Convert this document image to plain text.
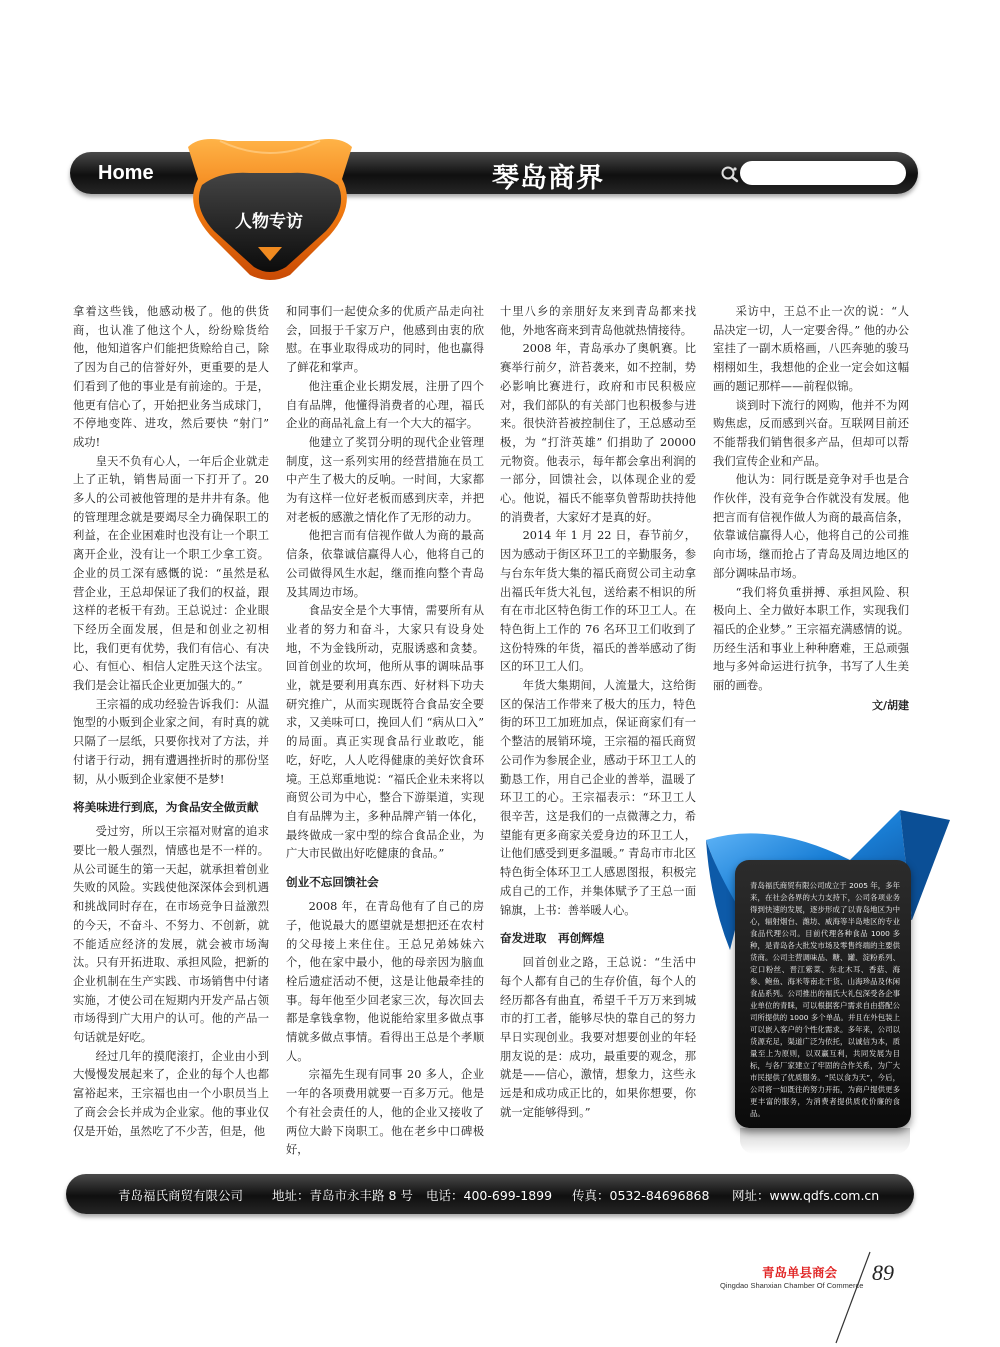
Home	琴岛商界
人物专访

拿着这些钱，他感动极了。他的供货商，也认准了他这个人，纷纷赊货给他，他知道客户们能把货赊给自己，除了因为自己的信誉好外，更重要的是人们看到了他的事业是有前途的。于是，他更有信心了，开始把业务当成球门，不停地变阵、进攻，然后要快 “射门” 成功!

皇天不负有心人，一年后企业就走上了正轨，销售局面一下打开了。20 多人的公司被他管理的是井井有条。他的管理理念就是要竭尽全力确保职工的利益，在企业困难时也没有让一个职工离开企业，没有让一个职工少拿工资。企业的员工深有感慨的说：“虽然是私营企业，王总却保证了我们的权益，跟这样的老板干有劲。王总说过：企业眼下经历全面发展，但是和创业之初相比，我们更有优势，我们有信心、有决心、有恒心、相信人定胜天这个法宝。我们是会让福氏企业更加强大的。”

王宗福的成功经验告诉我们：从温饱型的小贩到企业家之间，有时真的就只隔了一层纸，只要你找对了方法，并付诸于行动，拥有遭遇挫折时的那份坚韧，从小贩到企业家便不是梦!

将美味进行到底，为食品安全做贡献

受过穷，所以王宗福对财富的追求要比一般人强烈，情感也是不一样的。从公司诞生的第一天起，就承担着创业失败的风险。实践使他深深体会到机遇和挑战同时存在，在市场竞争日益激烈的今天，不奋斗、不努力、不创新，就不能适应经济的发展，就会被市场淘汰。只有开拓进取、承担风险，把新的企业机制在生产实践、市场销售中付诸实施，才使公司在短期内开发产品占领市场得到广大用户的认可。他的产品一句话就是好吃。

经过几年的摸爬滚打，企业由小到大慢慢发展起来了，企业的每个人也都富裕起来，王宗福也由一个小职员当上了商会会长并成为企业家。他的事业仅仅是开始，虽然吃了不少苦，但是，他

和同事们一起使众多的优质产品走向社会，回报于千家万户，他感到由衷的欣慰。在事业取得成功的同时，他也赢得了鲜花和掌声。

他注重企业长期发展，注册了四个自有品牌，他懂得消费者的心理，福氏企业的商品礼盒上有一个大大的福字。

他建立了奖罚分明的现代企业管理制度，这一系列实用的经营措施在员工中产生了极大的反响。一时间，大家都为有这样一位好老板而感到庆幸，并把对老板的感激之情化作了无形的动力。

他把言而有信视作做人为商的最高信条，依靠诚信赢得人心，他将自己的公司做得风生水起，继而推向整个青岛及其周边市场。

食品安全是个大事情，需要所有从业者的努力和奋斗，大家只有设身处地，不为金钱所动，克服诱惑和贪婪。回首创业的坎坷，他所从事的调味品事业，就是要利用真东西、好材料下功夫研究推广，从而实现既符合食品安全要求，又美味可口，挽回人们 “病从口入” 的局面。真正实现食品行业敢吃，能吃，好吃，人人吃得健康的美好饮食环境。王总郑重地说：“福氏企业未来将以商贸公司为中心，整合下游渠道，实现自有品牌为主，多种品牌产销一体化，最终做成一家中型的综合食品企业，为广大市民做出好吃健康的食品。”

创业不忘回馈社会

2008 年，在青岛他有了自己的房子，他说最大的愿望就是想把还在农村的父母接上来住住。王总兄弟姊妹六个，他在家中最小，他的母亲因为脑血栓后遗症活动不便，这是让他最牵挂的事。每年他至少回老家三次，每次回去都是拿钱拿物，他说能给家里多做点事情就多做点事情。看得出王总是个孝顺人。

宗福先生现有同事 20 多人，企业一年的各项费用就要一百多万元。他是个有社会责任的人，他的企业又接收了两位大龄下岗职工。他在老乡中口碑极好，

十里八乡的亲朋好友来到青岛都来找他，外地客商来到青岛他就热情接待。

2008 年，青岛承办了奥帆赛。比赛举行前夕，浒苔袭来，如不控制，势必影响比赛进行，政府和市民积极应对，我们部队的有关部门也积极参与进来。很快浒苔被控制住了，王总感动至极，为 “打浒英雄” 们捐助了 20000 元物资。他表示，每年都会拿出利润的一部分，回馈社会，以体现企业的爱心。他说，福氏不能辜负曾帮助扶持他的消费者，大家好才是真的好。

2014 年 1 月 22 日，春节前夕，因为感动于街区环卫工的辛勤服务，参与台东年货大集的福氏商贸公司主动拿出福氏年货大礼包，送给素不相识的所有在市北区特色街工作的环卫工人。在特色街上工作的 76 名环卫工们收到了这份特殊的年货，福氏的善举感动了街区的环卫工人们。

年货大集期间，人流量大，这给街区的保洁工作带来了极大的压力，特色街的环卫工加班加点，保证商家们有一个整洁的展销环境，王宗福的福氏商贸公司作为参展企业，感动于环卫工人的勤恳工作，用自己企业的善举，温暖了环卫工的心。王宗福表示：“环卫工人很辛苦，这是我们的一点微薄之力，希望能有更多商家关爱身边的环卫工人，让他们感受到更多温暖。” 青岛市市北区特色街全体环卫工人感恩图报，积极完成自己的工作，并集体赋予了王总一面锦旗，上书：善举暖人心。

奋发进取　再创辉煌

回首创业之路，王总说：“生活中每个人都有自己的生存价值，每个人的经历都各有曲直，希望千千万万来到城市的打工者，能够尽快的靠自己的努力早日实现创业。我要对想要创业的年轻朋友说的是：成功，最重要的观念，那就是——信心，激情，想象力，这些永远是和成功成正比的，如果你想要，你就一定能够得到。”

采访中，王总不止一次的说：“人品决定一切，人一定要舍得。” 他的办公室挂了一副木质格画，八匹奔驰的骏马栩栩如生，我想他的企业一定会如这幅画的题记那样——前程似锦。

谈到时下流行的网购，他并不为网购焦虑，反而感到兴奋。互联网目前还不能帮我们销售很多产品，但却可以帮我们宣传企业和产品。

他认为：同行既是竞争对手也是合作伙伴，没有竞争合作就没有发展。他把言而有信视作做人为商的最高信条，依靠诚信赢得人心，他将自己的公司推向市场，继而抢占了青岛及周边地区的部分调味品市场。

“我们将负重拼搏、承担风险、积极向上、全力做好本职工作，实现我们福氏的企业梦。” 王宗福充满感情的说。历经生活和事业上种种磨难，王总顽强地与多舛命运进行抗争，书写了人生美丽的画卷。

文/胡建
青岛福氏商贸有限公司成立于 2005 年，多年来，在社会各界的大力支持下，公司各项业务得到快速的发展，逐步形成了以青岛地区为中心，辐射烟台、潍坊、威海等半岛地区的专业食品代理公司。目前代理各种食品 1000 多种，是青岛各大批发市场及零售终端的主要供货商。公司主营调味品、糖、罐、淀粉系列、定口粉丝、晋江紫菜、东北木耳、香菇、海参、鲍鱼、海米等南北干货、山海珍品及休闲食品系列。公司推出的福氏大礼包深受各企事业单位的青睐，可以根据客户需求自由搭配公司所提供的 1000 多个单品。并且在外包装上可以嵌入客户的个性化需求。多年来，公司以货源充足，渠道广泛为依托，以诚信为本，质量至上为原则，以双赢互利，共同发展为目标，与各厂家建立了牢固的合作关系，为广大市民提供了优质服务。“民以食为天”，今后，公司将一如既往的努力开拓，为商户提供更多更丰富的服务，为消费者提供质优价廉的食品。
青岛福氏商贸有限公司 地址：青岛市永丰路 8 号 电话：400-699-1899 传真：0532-84696868 网址：www.qdfs.com.cn
青岛单县商会
Qingdao Shanxian Chamber Of Commerce
89
